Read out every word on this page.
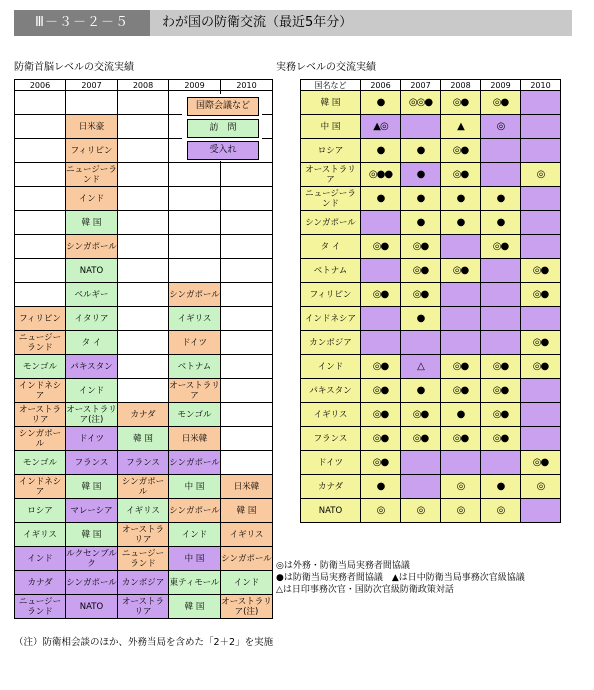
Ⅲ－３－２－５	わが国の防衛交流（最近5年分）
防衛首脳レベルの交流実績	実務レベルの交流実績
2006	2007	2008	2009	2010

	日米豪			
	フィリピン			
	ニュージーランド			
	インド			
	韓 国			
	シンガポール			
	NATO			
	ベルギー		シンガポール	
フィリピン	イタリア		イギリス	
ニュージーランド	タ イ		ドイツ	
モンゴル	パキスタン		ベトナム	
インドネシア	インド		オーストラリア	
オーストラリア	オーストラリア(注)	カナダ	モンゴル	
シンガポール	ドイツ	韓 国	日米韓	
モンゴル	フランス	フランス	シンガポール	
インドネシア	韓 国	シンガポール	中 国	日米韓
ロシア	マレーシア	イギリス	シンガポール	韓 国
イギリス	韓 国	オーストラリア	インド	イギリス
インド	ルクセンブルク	ニュージーランド	中 国	シンガポール
カナダ	シンガポール	カンボジア	東ティモール	インド
ニュージーランド	NATO	オーストラリア	韓 国	オーストラリア(注)
国際会議など
訪　問
受入れ
国名など	2006	2007	2008	2009	2010
韓 国	●	◎◎●	◎●	◎●	
中 国	▲◎		▲	◎	
ロシア	●	●	◎●		
オーストラリア	◎●●	●	◎●		◎
ニュージーランド	●	●	●	●	
シンガポール		●	●	●	
タ イ	◎●	◎●		◎●	
ベトナム		◎●	◎●		◎●
フィリピン	◎●	◎●			◎●
インドネシア		●			
カンボジア					◎●
インド	◎●	△	◎●	◎●	◎●
パキスタン	◎●	●	◎●	◎●	
イギリス	◎●	◎●	●	◎●	
フランス	◎●	◎●	◎●	◎●	
ドイツ	◎●				◎●
カナダ	●		◎	●	◎
NATO	◎	◎	◎	◎	
◎は外務・防衛当局実務者間協議
●は防衛当局実務者間協議　▲は日中防衛当局事務次官級協議
△は日印事務次官・国防次官級防衛政策対話
（注）防衛相会談のほか、外務当局を含めた「2＋2」を実施
